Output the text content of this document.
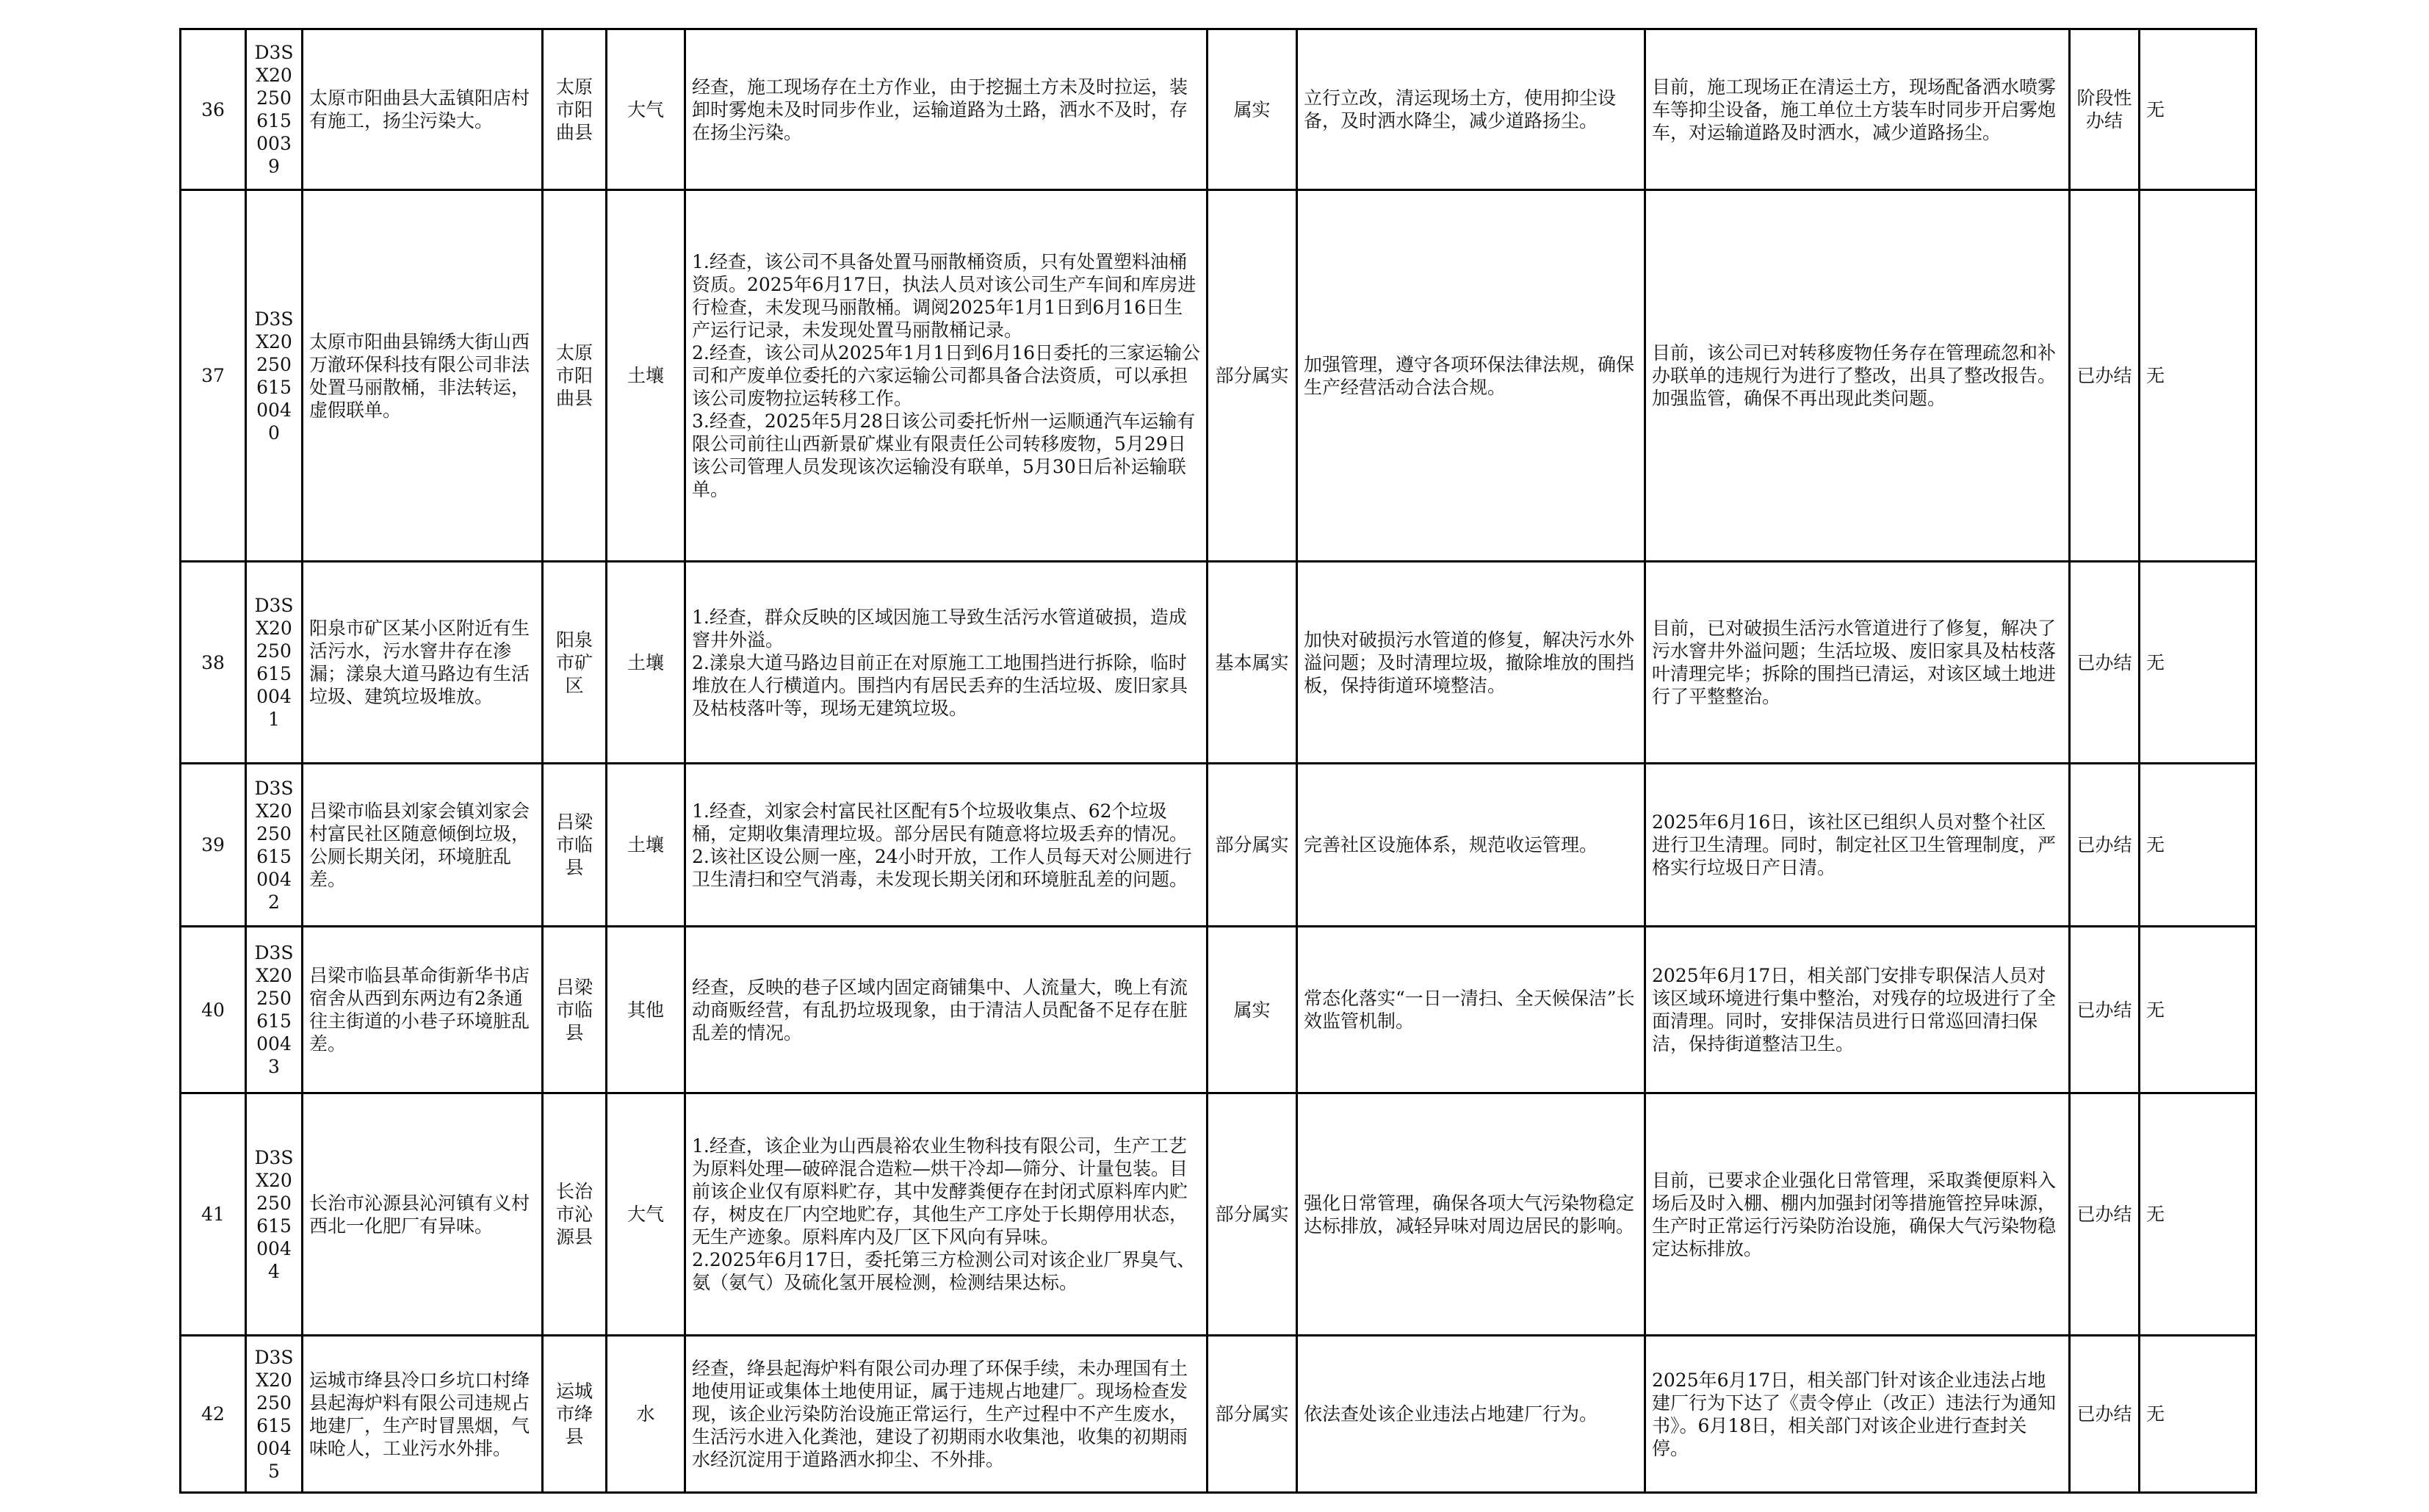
36	D3SX202506150039	太原市阳曲县大盂镇阳店村有施工，扬尘污染大。	太原市阳曲县	大气	经查，施工现场存在土方作业，由于挖掘土方未及时拉运，装卸时雾炮未及时同步作业，运输道路为土路，洒水不及时，存在扬尘污染。	属实	立行立改，清运现场土方，使用抑尘设备，及时洒水降尘，减少道路扬尘。	目前，施工现场正在清运土方，现场配备洒水喷雾车等抑尘设备，施工单位土方装车时同步开启雾炮车，对运输道路及时洒水，减少道路扬尘。	阶段性办结	无
37	D3SX202506150040	太原市阳曲县锦绣大街山西万澈环保科技有限公司非法处置马丽散桶，非法转运，虚假联单。	太原市阳曲县	土壤	1.经查，该公司不具备处置马丽散桶资质，只有处置塑料油桶资质。2025年6月17日，执法人员对该公司生产车间和库房进行检查，未发现马丽散桶。调阅2025年1月1日到6月16日生产运行记录，未发现处置马丽散桶记录。
2.经查，该公司从2025年1月1日到6月16日委托的三家运输公司和产废单位委托的六家运输公司都具备合法资质，可以承担该公司废物拉运转移工作。
3.经查，2025年5月28日该公司委托忻州一运顺通汽车运输有限公司前往山西新景矿煤业有限责任公司转移废物，5月29日该公司管理人员发现该次运输没有联单，5月30日后补运输联单。	部分属实	加强管理，遵守各项环保法律法规，确保生产经营活动合法合规。	目前，该公司已对转移废物任务存在管理疏忽和补办联单的违规行为进行了整改，出具了整改报告。加强监管，确保不再出现此类问题。	已办结	无
38	D3SX202506150041	阳泉市矿区某小区附近有生活污水，污水窨井存在渗漏；漾泉大道马路边有生活垃圾、建筑垃圾堆放。	阳泉市矿区	土壤	1.经查，群众反映的区域因施工导致生活污水管道破损，造成窨井外溢。
2.漾泉大道马路边目前正在对原施工工地围挡进行拆除，临时堆放在人行横道内。围挡内有居民丢弃的生活垃圾、废旧家具及枯枝落叶等，现场无建筑垃圾。	基本属实	加快对破损污水管道的修复，解决污水外溢问题；及时清理垃圾，撤除堆放的围挡板，保持街道环境整洁。	目前，已对破损生活污水管道进行了修复，解决了污水窨井外溢问题；生活垃圾、废旧家具及枯枝落叶清理完毕；拆除的围挡已清运，对该区域土地进行了平整整治。	已办结	无
39	D3SX202506150042	吕梁市临县刘家会镇刘家会村富民社区随意倾倒垃圾，公厕长期关闭，环境脏乱
差。	吕梁市临县	土壤	1.经查，刘家会村富民社区配有5个垃圾收集点、62个垃圾桶，定期收集清理垃圾。部分居民有随意将垃圾丢弃的情况。
2.该社区设公厕一座，24小时开放，工作人员每天对公厕进行卫生清扫和空气消毒，未发现长期关闭和环境脏乱差的问题。	部分属实	完善社区设施体系，规范收运管理。	2025年6月16日，该社区已组织人员对整个社区进行卫生清理。同时，制定社区卫生管理制度，严格实行垃圾日产日清。	已办结	无
40	D3SX202506150043	吕梁市临县革命街新华书店宿舍从西到东两边有2条通往主街道的小巷子环境脏乱差。	吕梁市临县	其他	经查，反映的巷子区域内固定商铺集中、人流量大，晚上有流动商贩经营，有乱扔垃圾现象，由于清洁人员配备不足存在脏乱差的情况。	属实	常态化落实“一日一清扫、全天候保洁”长效监管机制。	2025年6月17日，相关部门安排专职保洁人员对该区域环境进行集中整治，对残存的垃圾进行了全面清理。同时，安排保洁员进行日常巡回清扫保洁，保持街道整洁卫生。	已办结	无
41	D3SX202506150044	长治市沁源县沁河镇有义村西北一化肥厂有异味。	长治市沁源县	大气	1.经查，该企业为山西晨裕农业生物科技有限公司，生产工艺为原料处理—破碎混合造粒—烘干冷却—筛分、计量包装。目前该企业仅有原料贮存，其中发酵粪便存在封闭式原料库内贮存，树皮在厂内空地贮存，其他生产工序处于长期停用状态，无生产迹象。原料库内及厂区下风向有异味。
2.2025年6月17日，委托第三方检测公司对该企业厂界臭气、氨（氨气）及硫化氢开展检测，检测结果达标。	部分属实	强化日常管理，确保各项大气污染物稳定达标排放，减轻异味对周边居民的影响。	目前，已要求企业强化日常管理，采取粪便原料入场后及时入棚、棚内加强封闭等措施管控异味源，生产时正常运行污染防治设施，确保大气污染物稳定达标排放。	已办结	无
42	D3SX202506150045	运城市绛县冷口乡坑口村绛县起海炉料有限公司违规占地建厂，生产时冒黑烟，气味呛人，工业污水外排。	运城市绛县	水	经查，绛县起海炉料有限公司办理了环保手续，未办理国有土地使用证或集体土地使用证，属于违规占地建厂。现场检查发现，该企业污染防治设施正常运行，生产过程中不产生废水，生活污水进入化粪池，建设了初期雨水收集池，收集的初期雨水经沉淀用于道路洒水抑尘、不外排。	部分属实	依法查处该企业违法占地建厂行为。	2025年6月17日，相关部门针对该企业违法占地建厂行为下达了《责令停止（改正）违法行为通知书》。6月18日，相关部门对该企业进行查封关停。	已办结	无
